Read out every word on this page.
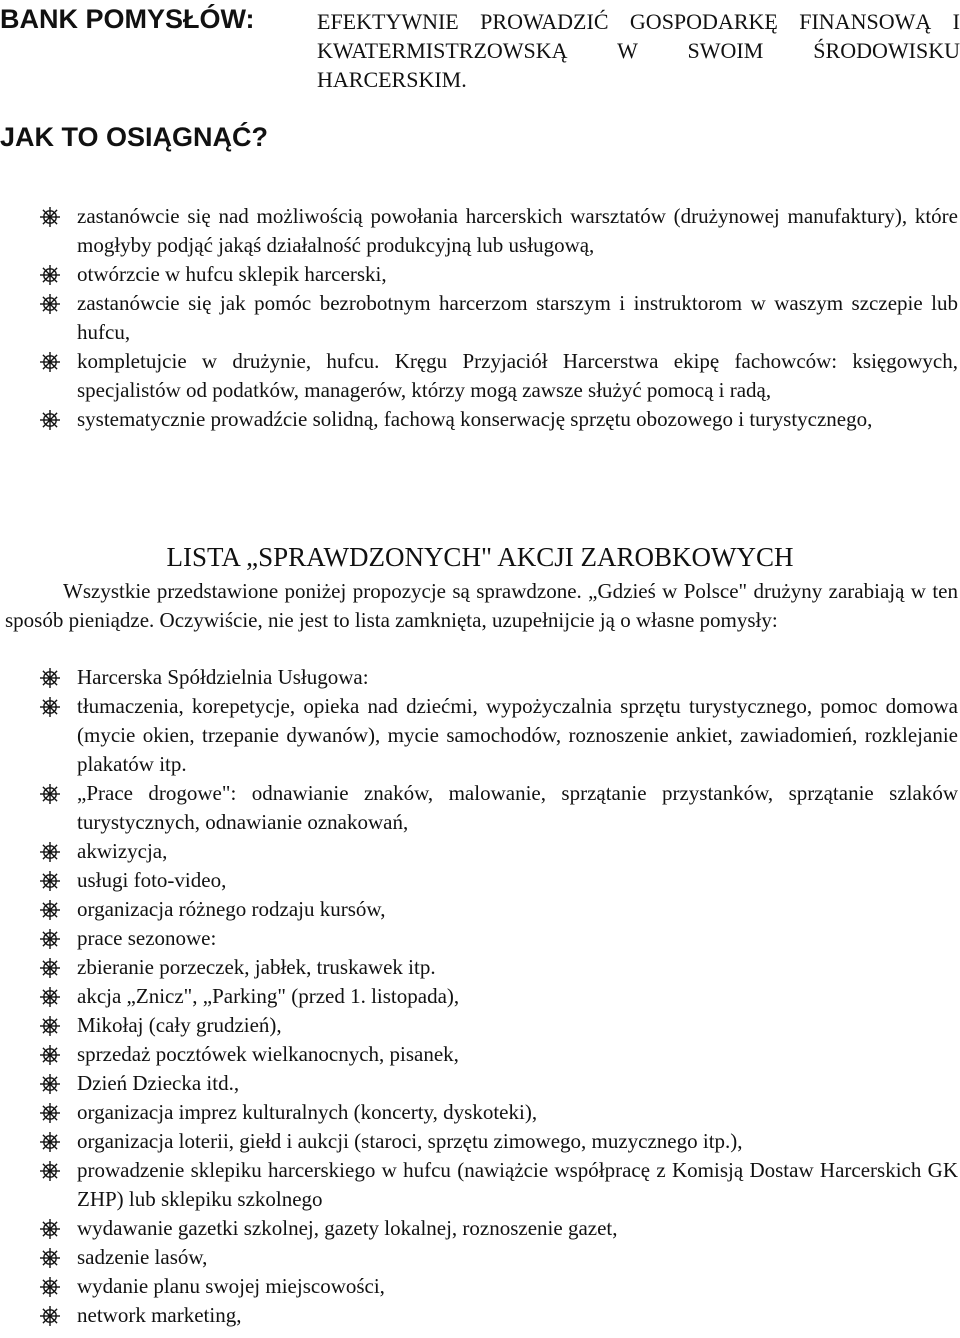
BANK POMYSŁÓW:	EFEKTYWNIE PROWADZIĆ GOSPODARKĘ FINANSOWĄ I KWATERMISTRZOWSKĄ W SWOIM ŚRODOWISKU HARCERSKIM.
JAK TO OSIĄGNĄĆ?
zastanówcie się nad możliwością powołania harcerskich warsztatów (drużynowej manufaktury), które mogłyby podjąć jakąś działalność produkcyjną lub usługową,
otwórzcie w hufcu sklepik harcerski,
zastanówcie się jak pomóc bezrobotnym harcerzom starszym i instruktorom w waszym szczepie lub hufcu,
kompletujcie w drużynie, hufcu. Kręgu Przyjaciół Harcerstwa ekipę fachowców: księgowych, specjalistów od podatków, managerów, którzy mogą zawsze służyć pomocą i radą,
systematycznie prowadźcie solidną, fachową konserwację sprzętu obozowego i turystycznego,
LISTA „SPRAWDZONYCH" AKCJI ZAROBKOWYCH

Wszystkie przedstawione poniżej propozycje są sprawdzone. „Gdzieś w Polsce" drużyny zarabiają w ten sposób pieniądze. Oczywiście, nie jest to lista zamknięta, uzupełnijcie ją o własne pomysły:

Harcerska Spółdzielnia Usługowa:
tłumaczenia, korepetycje, opieka nad dziećmi, wypożyczalnia sprzętu turystycznego, pomoc domowa (mycie okien, trzepanie dywanów), mycie samochodów, roznoszenie ankiet, zawiadomień, rozklejanie plakatów itp.
„Prace drogowe": odnawianie znaków, malowanie, sprzątanie przystanków, sprzątanie szlaków turystycznych, odnawianie oznakowań,
akwizycja,
usługi foto-video,
organizacja różnego rodzaju kursów,
prace sezonowe:
zbieranie porzeczek, jabłek, truskawek itp.
akcja „Znicz", „Parking" (przed 1. listopada),
Mikołaj (cały grudzień),
sprzedaż pocztówek wielkanocnych, pisanek,
Dzień Dziecka itd.,
organizacja imprez kulturalnych (koncerty, dyskoteki),
organizacja loterii, giełd i aukcji (staroci, sprzętu zimowego, muzycznego itp.),
prowadzenie sklepiku harcerskiego w hufcu (nawiążcie współpracę z Komisją Dostaw Harcerskich GK ZHP) lub sklepiku szkolnego
wydawanie gazetki szkolnej, gazety lokalnej, roznoszenie gazet,
sadzenie lasów,
wydanie planu swojej miejscowości,
network marketing,
